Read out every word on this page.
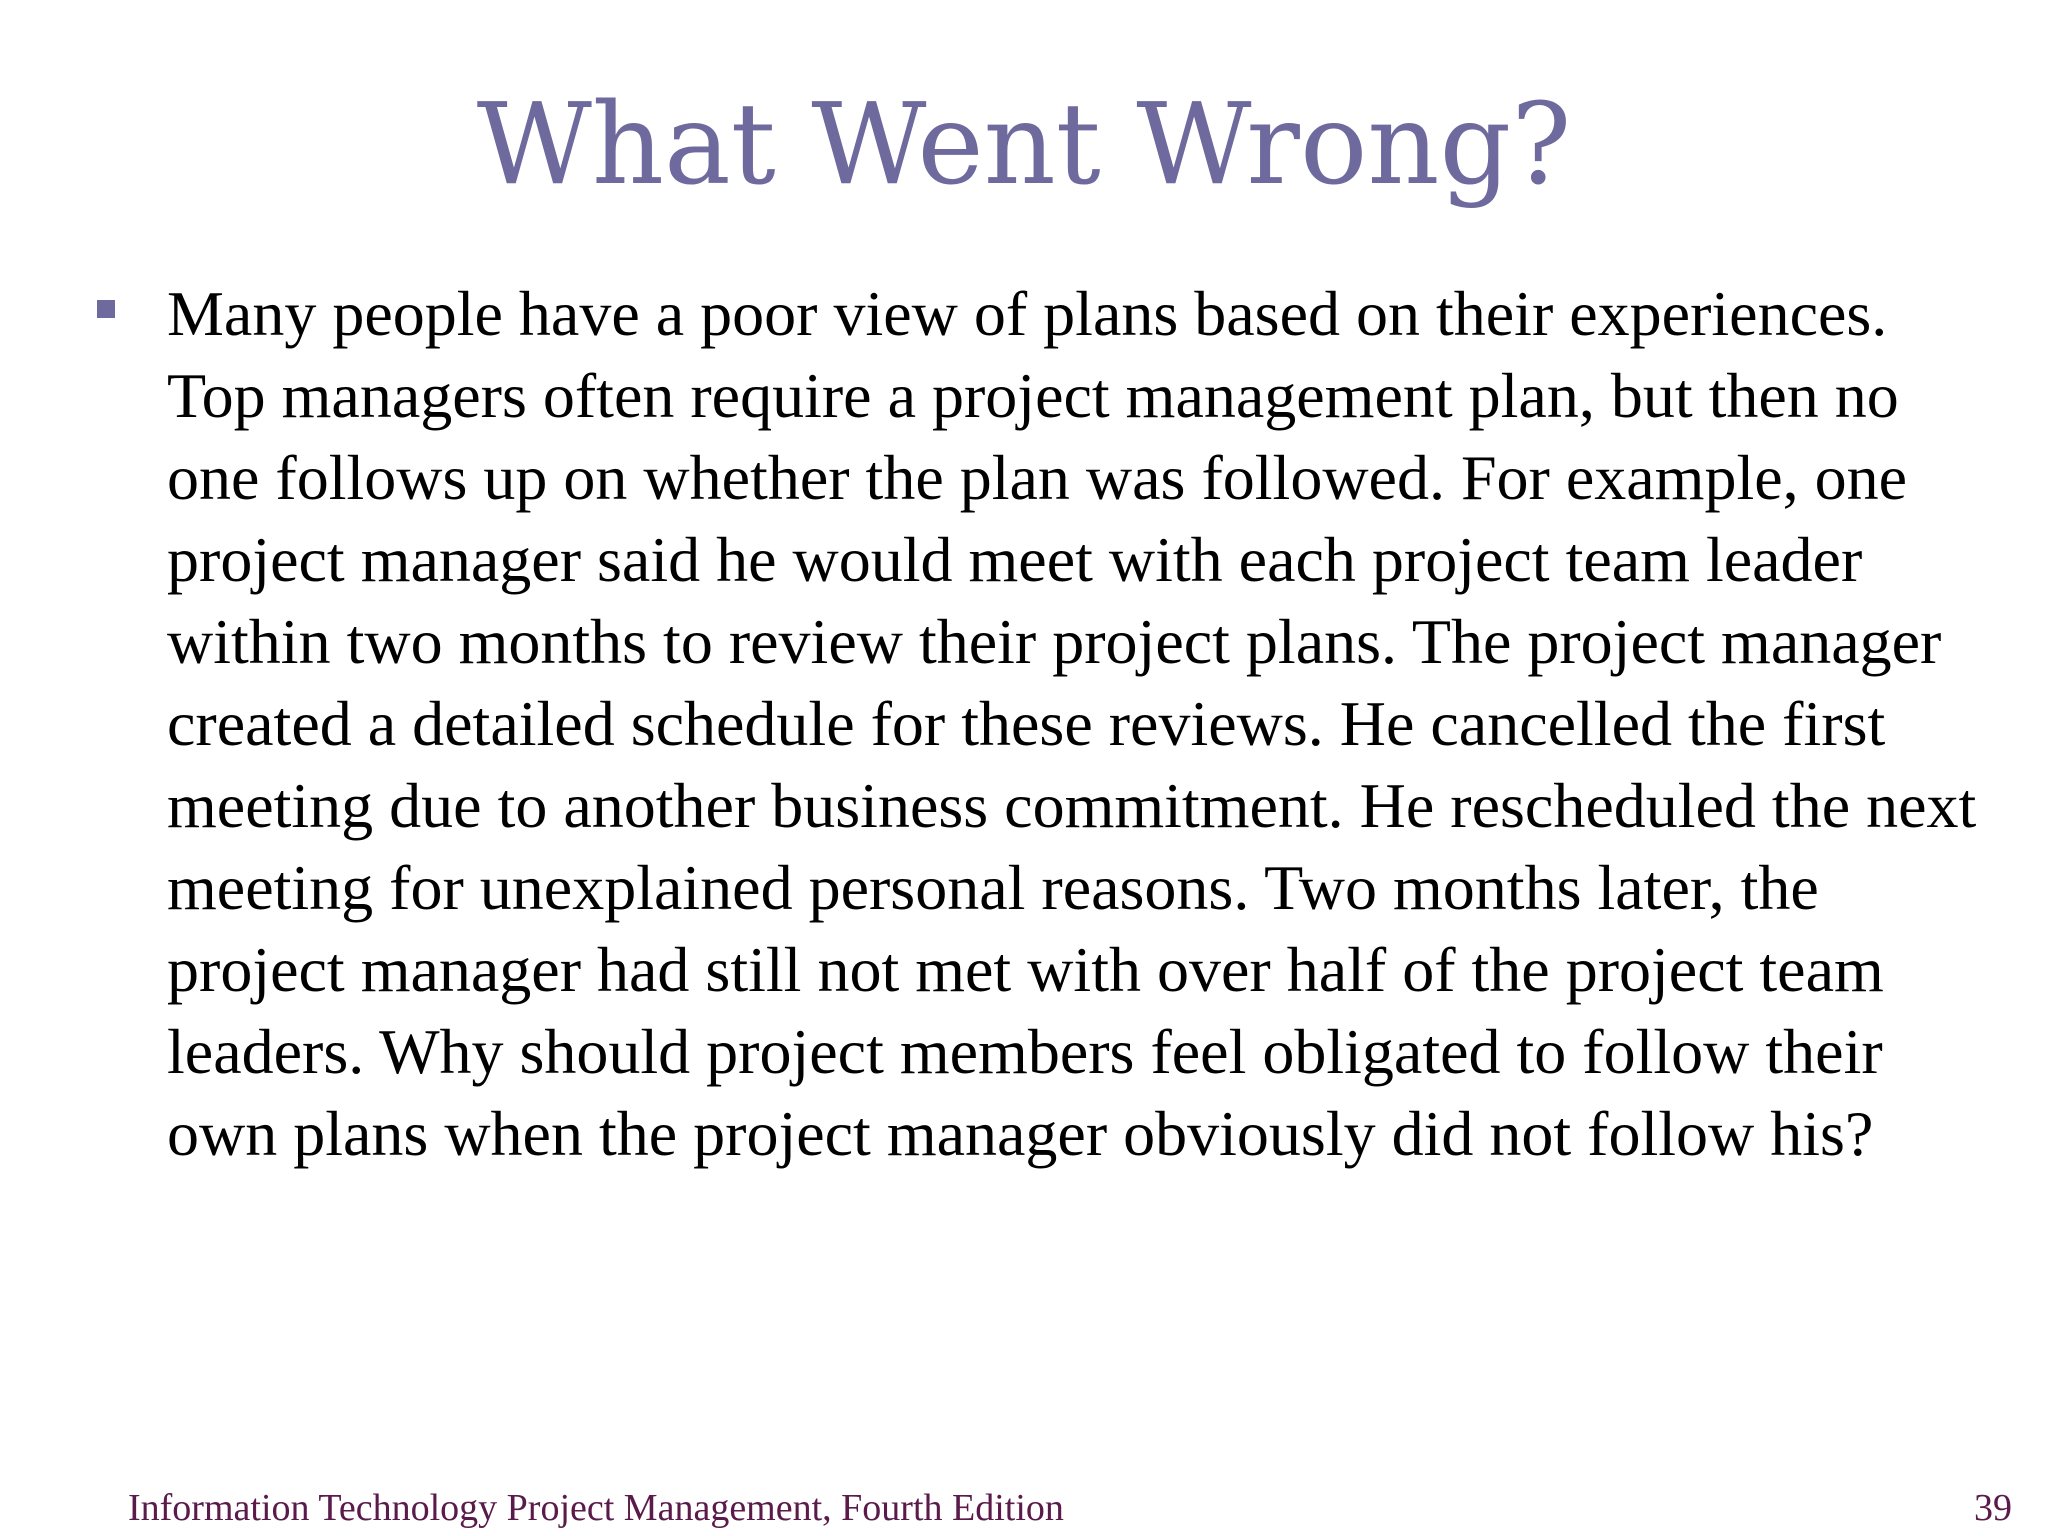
What Went Wrong?

Many people have a poor view of plans based on their experiences. Top managers often require a project management plan, but then no one follows up on whether the plan was followed. For example, one project manager said he would meet with each project team leader within two months to review their project plans. The project manager created a detailed schedule for these reviews. He cancelled the first meeting due to another business commitment. He rescheduled the next meeting for unexplained personal reasons. Two months later, the project manager had still not met with over half of the project team leaders. Why should project members feel obligated to follow their own plans when the project manager obviously did not follow his?

Information Technology Project Management, Fourth Edition	39
